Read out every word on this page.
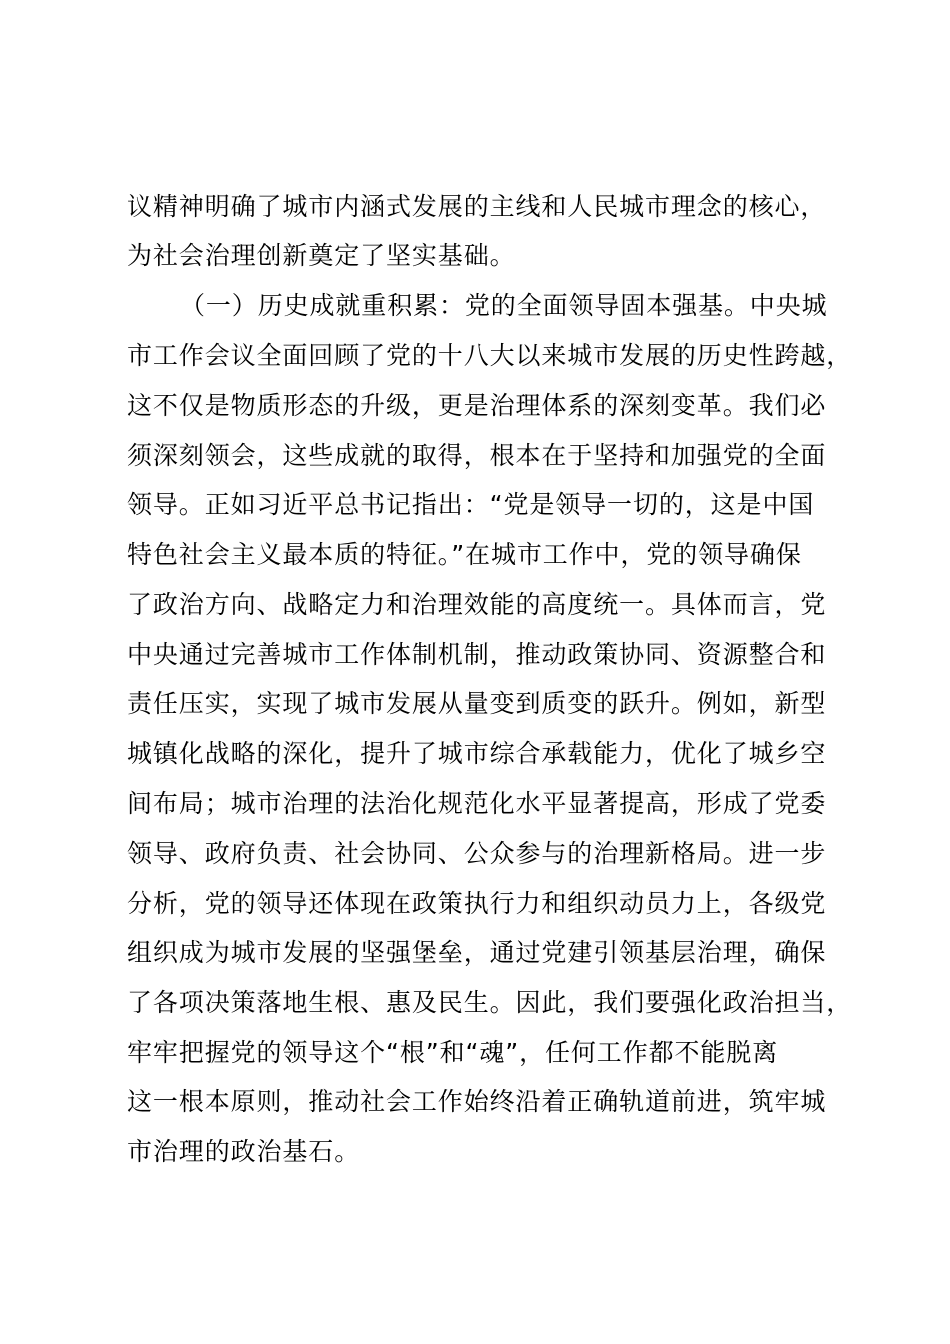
议精神明确了城市内涵式发展的主线和人民城市理念的核心，
为社会治理创新奠定了坚实基础。
（一）历史成就重积累：党的全面领导固本强基。中央城
市工作会议全面回顾了党的十八大以来城市发展的历史性跨越，
这不仅是物质形态的升级，更是治理体系的深刻变革。我们必
须深刻领会，这些成就的取得，根本在于坚持和加强党的全面
领导。正如习近平总书记指出：“党是领导一切的，这是中国
特色社会主义最本质的特征。”在城市工作中，党的领导确保
了政治方向、战略定力和治理效能的高度统一。具体而言，党
中央通过完善城市工作体制机制，推动政策协同、资源整合和
责任压实，实现了城市发展从量变到质变的跃升。例如，新型
城镇化战略的深化，提升了城市综合承载能力，优化了城乡空
间布局；城市治理的法治化规范化水平显著提高，形成了党委
领导、政府负责、社会协同、公众参与的治理新格局。进一步
分析，党的领导还体现在政策执行力和组织动员力上，各级党
组织成为城市发展的坚强堡垒，通过党建引领基层治理，确保
了各项决策落地生根、惠及民生。因此，我们要强化政治担当，
牢牢把握党的领导这个“根”和“魂”，任何工作都不能脱离
这一根本原则，推动社会工作始终沿着正确轨道前进，筑牢城
市治理的政治基石。
